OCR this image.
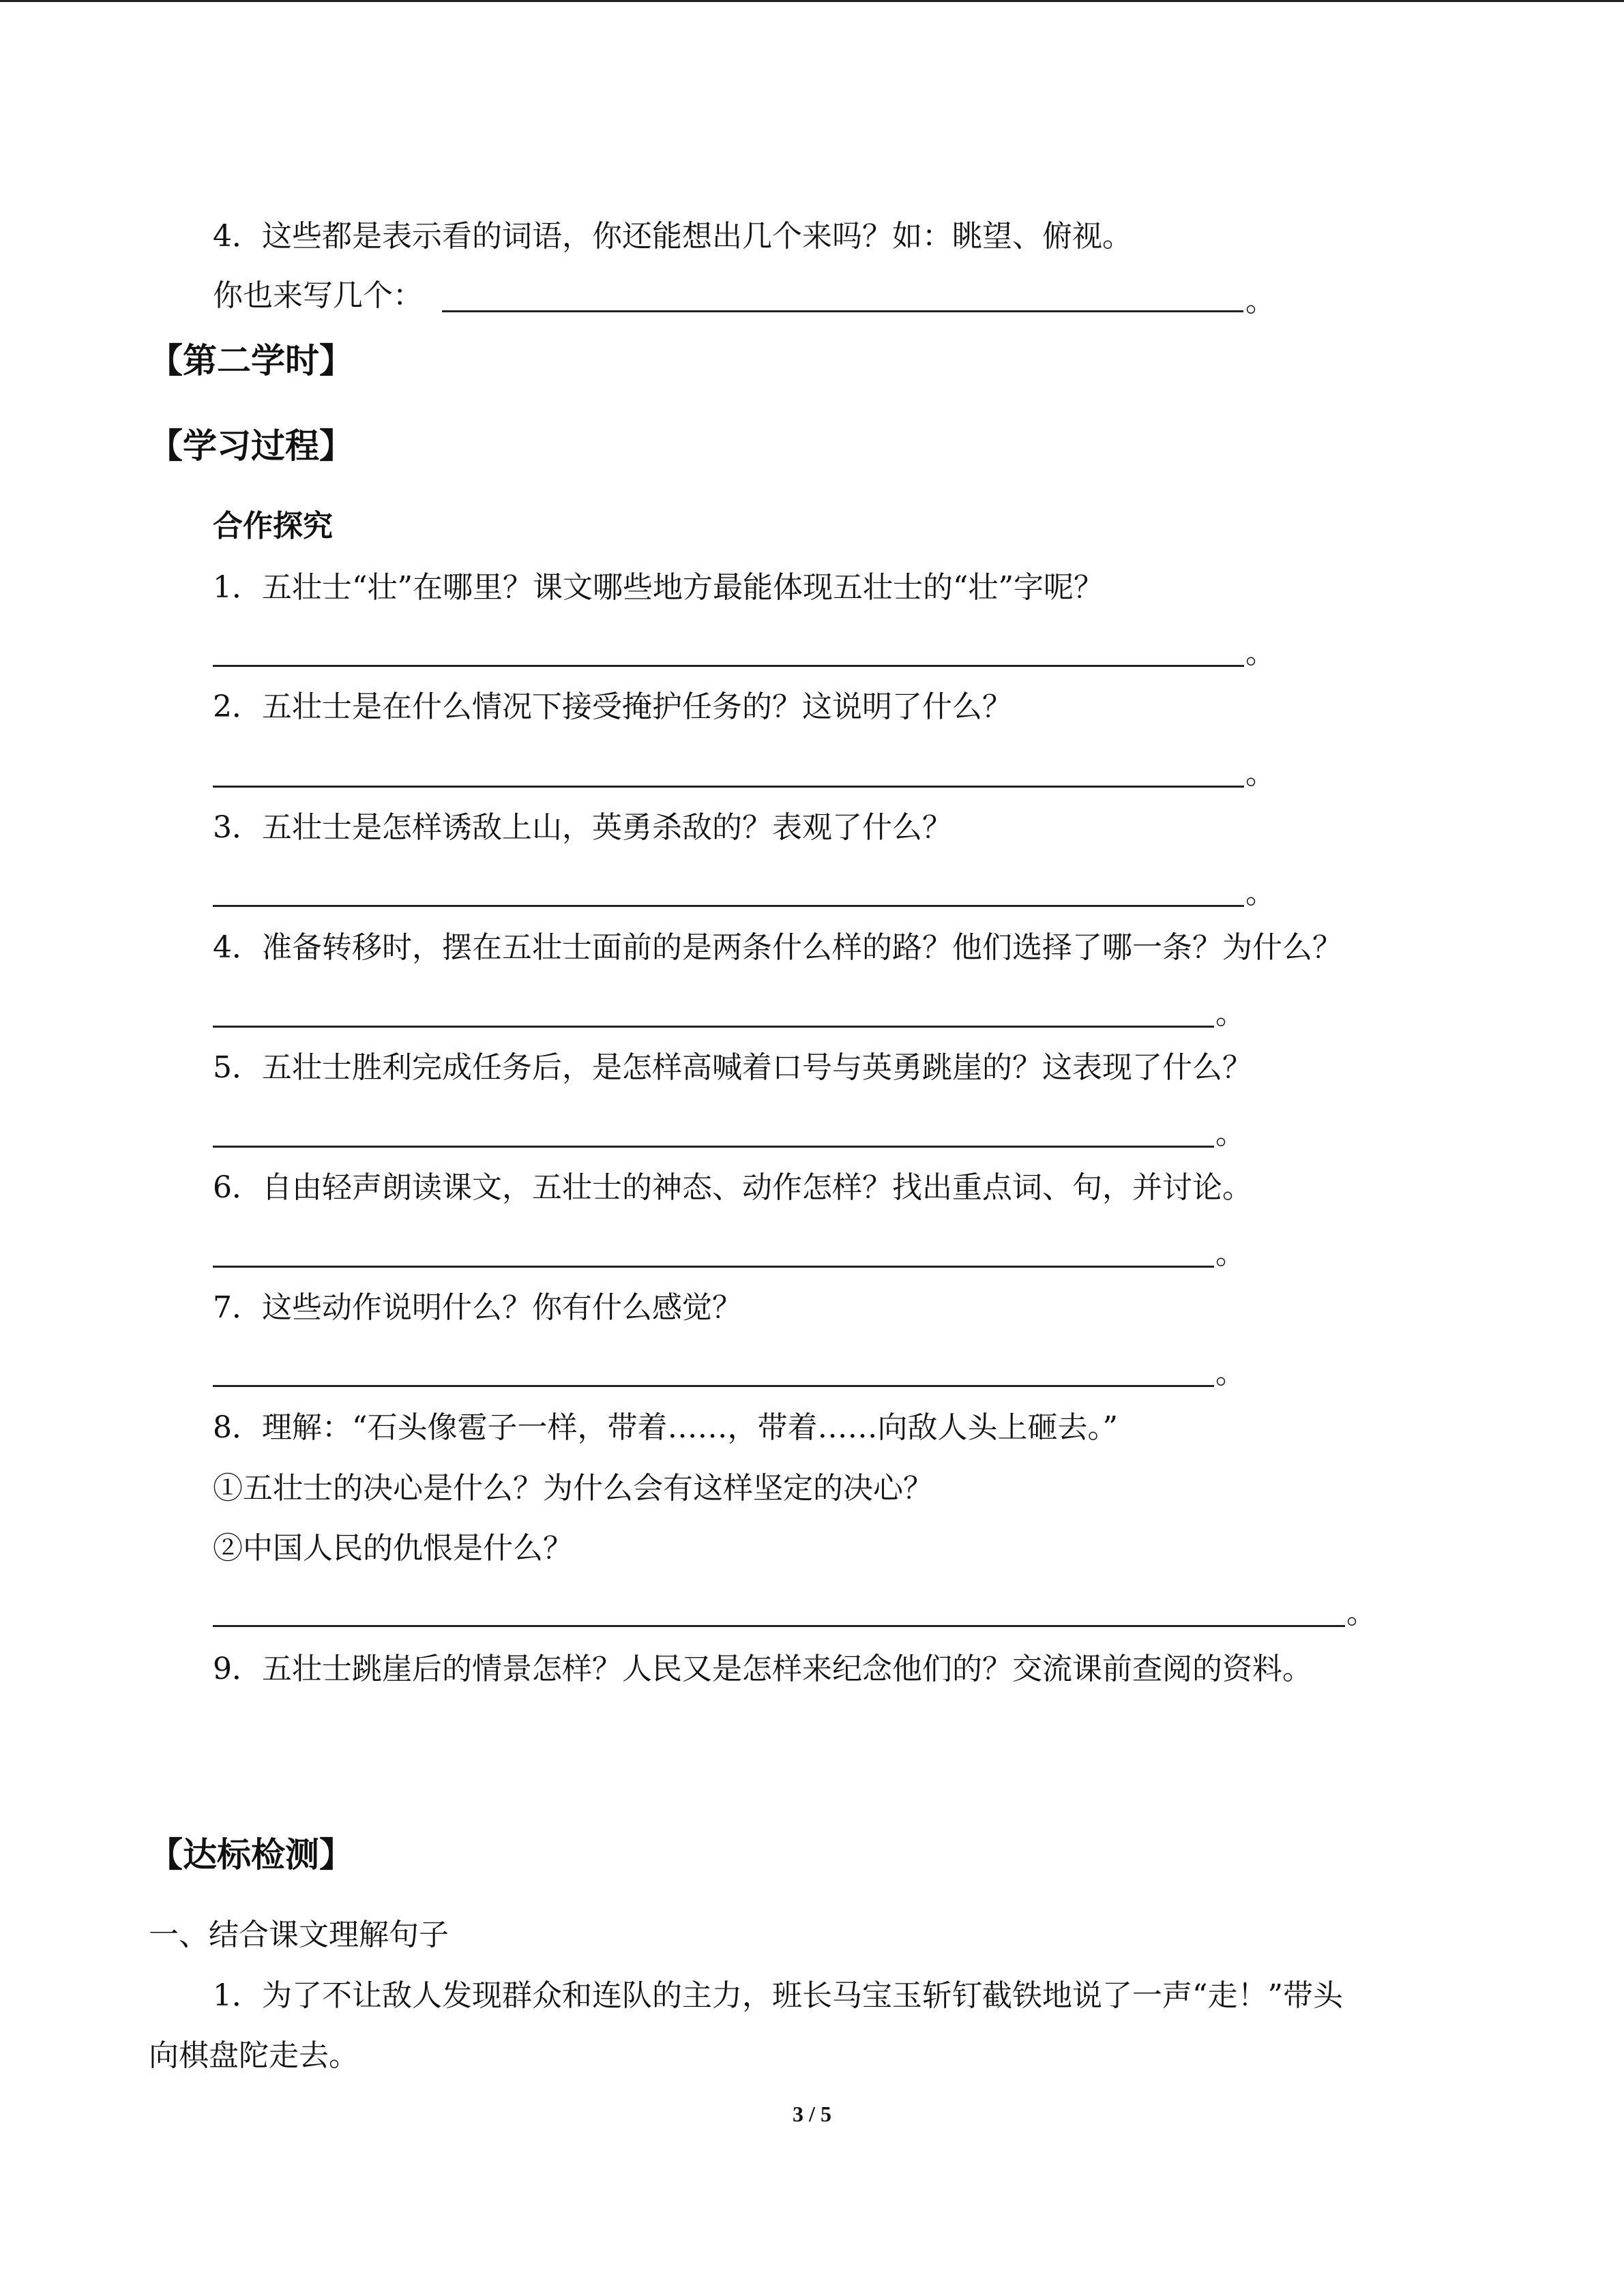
4．这些都是表示看的词语，你还能想出几个来吗？如：眺望、俯视。
你也来写几个：	。
【第二学时】
【学习过程】
合作探究
1．五壮士“壮”在哪里？课文哪些地方最能体现五壮士的“壮”字呢？
。
2．五壮士是在什么情况下接受掩护任务的？这说明了什么？
。
3．五壮士是怎样诱敌上山，英勇杀敌的？表观了什么？
。
4．准备转移时，摆在五壮士面前的是两条什么样的路？他们选择了哪一条？为什么？
。
5．五壮士胜利完成任务后，是怎样高喊着口号与英勇跳崖的？这表现了什么？
。
6．自由轻声朗读课文，五壮士的神态、动作怎样？找出重点词、句，并讨论。
。
7．这些动作说明什么？你有什么感觉？
。
8．理解：“石头像雹子一样，带着……，带着……向敌人头上砸去。”
①五壮士的决心是什么？为什么会有这样坚定的决心？
②中国人民的仇恨是什么？
。
9．五壮士跳崖后的情景怎样？人民又是怎样来纪念他们的？交流课前查阅的资料。
【达标检测】
一、结合课文理解句子
1．为了不让敌人发现群众和连队的主力，班长马宝玉斩钉截铁地说了一声“走！”带头
向棋盘陀走去。
3 / 5
